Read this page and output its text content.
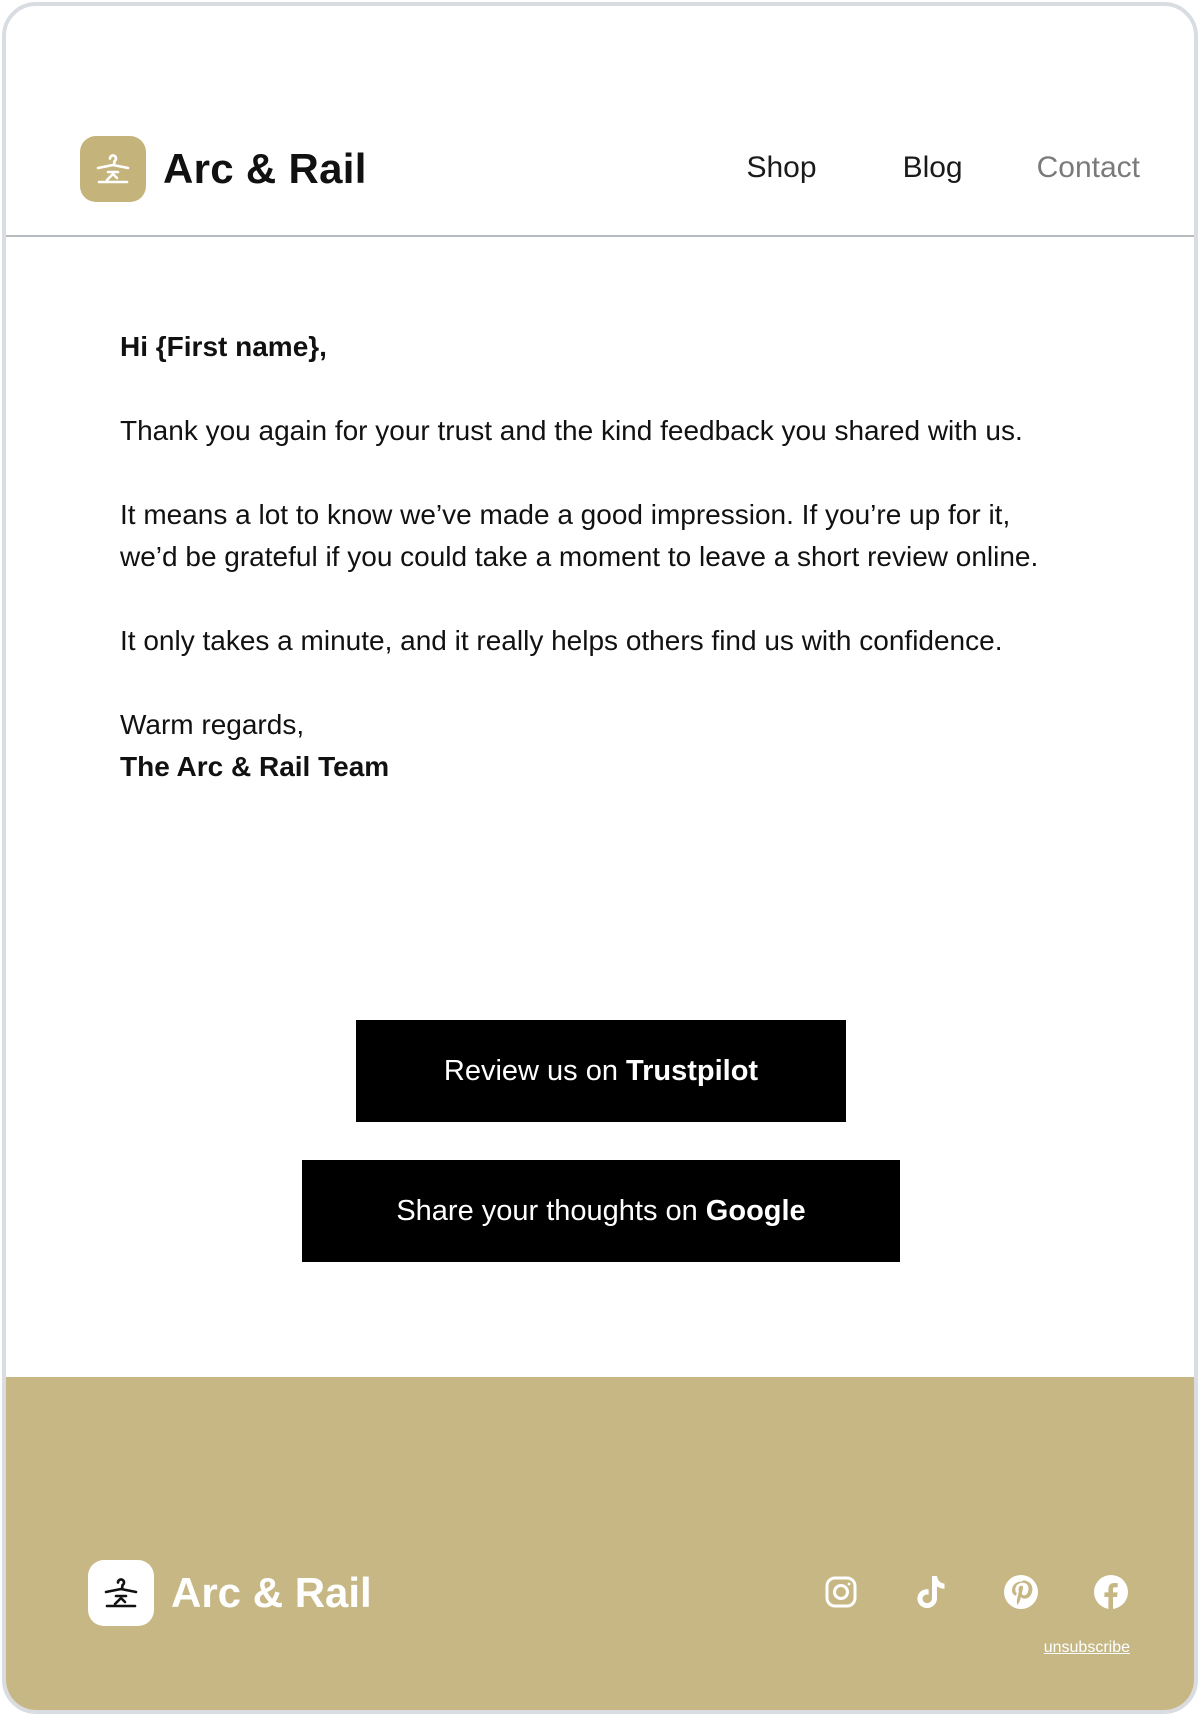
Arc & Rail	Shop	Blog Contact
Hi {First name},

Thank you again for your trust and the kind feedback you shared with us.

It means a lot to know we’ve made a good impression. If you’re up for it, we’d be grateful if you could take a moment to leave a short review online.

It only takes a minute, and it really helps others find us with confidence.

Warm regards,
The Arc & Rail Team
Review us on Trustpilot
Share your thoughts on Google
Arc & Rail
unsubscribe
